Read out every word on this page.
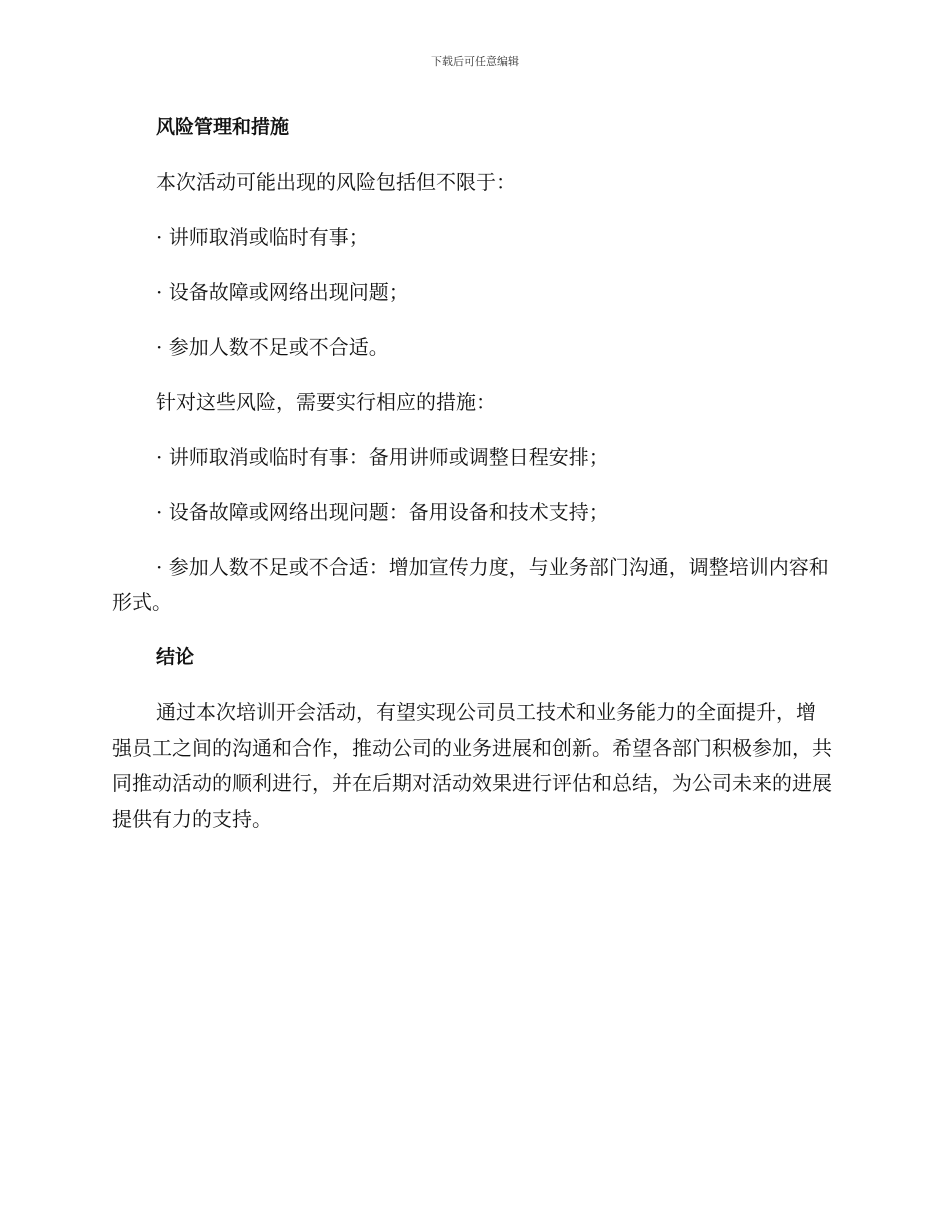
下载后可任意编辑
风险管理和措施
本次活动可能出现的风险包括但不限于：
· 讲师取消或临时有事；
· 设备故障或网络出现问题；
· 参加人数不足或不合适。
针对这些风险，需要实行相应的措施：
· 讲师取消或临时有事：备用讲师或调整日程安排；
· 设备故障或网络出现问题：备用设备和技术支持；
· 参加人数不足或不合适：增加宣传力度，与业务部门沟通，调整培训内容和形式。
结论
通过本次培训开会活动，有望实现公司员工技术和业务能力的全面提升，增强员工之间的沟通和合作，推动公司的业务进展和创新。希望各部门积极参加，共同推动活动的顺利进行，并在后期对活动效果进行评估和总结，为公司未来的进展提供有力的支持。
